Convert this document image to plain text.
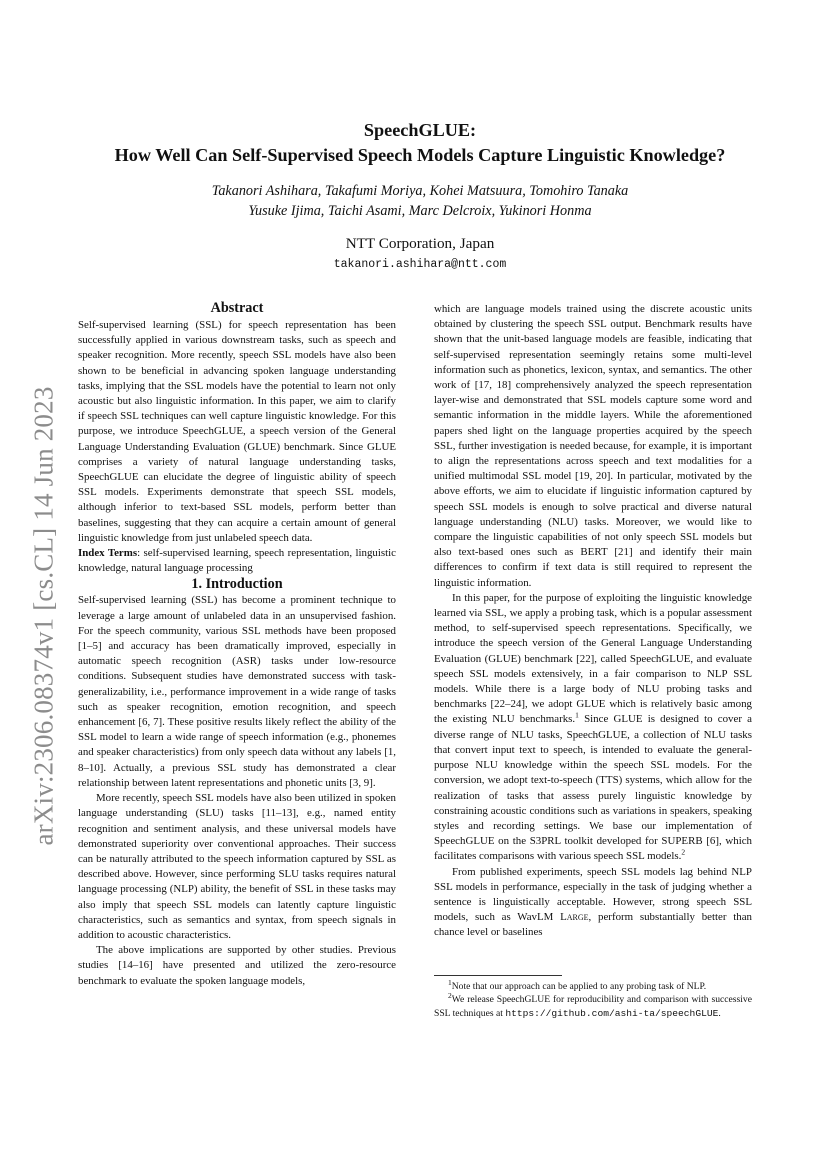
arXiv:2306.08374v1 [cs.CL] 14 Jun 2023
SpeechGLUE:
How Well Can Self-Supervised Speech Models Capture Linguistic Knowledge?
Takanori Ashihara, Takafumi Moriya, Kohei Matsuura, Tomohiro Tanaka
Yusuke Ijima, Taichi Asami, Marc Delcroix, Yukinori Honma
NTT Corporation, Japan
takanori.ashihara@ntt.com
Abstract

Self-supervised learning (SSL) for speech representation has been successfully applied in various downstream tasks, such as speech and speaker recognition. More recently, speech SSL models have also been shown to be beneficial in advancing spoken language understanding tasks, implying that the SSL models have the potential to learn not only acoustic but also linguistic information. In this paper, we aim to clarify if speech SSL techniques can well capture linguistic knowledge. For this purpose, we introduce SpeechGLUE, a speech version of the General Language Understanding Evaluation (GLUE) benchmark. Since GLUE comprises a variety of natural language understanding tasks, SpeechGLUE can elucidate the degree of linguistic ability of speech SSL models. Experiments demonstrate that speech SSL models, although inferior to text-based SSL models, perform better than baselines, suggesting that they can acquire a certain amount of general linguistic knowledge from just unlabeled speech data.

Index Terms: self-supervised learning, speech representation, linguistic knowledge, natural language processing

1. Introduction

Self-supervised learning (SSL) has become a prominent technique to leverage a large amount of unlabeled data in an unsupervised fashion. For the speech community, various SSL methods have been proposed [1–5] and accuracy has been dramatically improved, especially in automatic speech recognition (ASR) tasks under low-resource conditions. Subsequent studies have demonstrated success with task-generalizability, i.e., performance improvement in a wide range of tasks such as speaker recognition, emotion recognition, and speech enhancement [6, 7]. These positive results likely reflect the ability of the SSL model to learn a wide range of speech information (e.g., phonemes and speaker characteristics) from only speech data without any labels [1, 8–10]. Actually, a previous SSL study has demonstrated a clear relationship between latent representations and phonetic units [3, 9].

More recently, speech SSL models have also been utilized in spoken language understanding (SLU) tasks [11–13], e.g., named entity recognition and sentiment analysis, and these universal models have demonstrated superiority over conventional approaches. Their success can be naturally attributed to the speech information captured by SSL as described above. However, since performing SLU tasks requires natural language processing (NLP) ability, the benefit of SSL in these tasks may also imply that speech SSL models can latently capture linguistic characteristics, such as semantics and syntax, from speech signals in addition to acoustic characteristics.

The above implications are supported by other studies. Previous studies [14–16] have presented and utilized the zero-resource benchmark to evaluate the spoken language models,

which are language models trained using the discrete acoustic units obtained by clustering the speech SSL output. Benchmark results have shown that the unit-based language models are feasible, indicating that self-supervised representation seemingly retains some multi-level information such as phonetics, lexicon, syntax, and semantics. The other work of [17, 18] comprehensively analyzed the speech representation layer-wise and demonstrated that SSL models capture some word and semantic information in the middle layers. While the aforementioned papers shed light on the language properties acquired by the speech SSL, further investigation is needed because, for example, it is important to align the representations across speech and text modalities for a unified multimodal SSL model [19, 20]. In particular, motivated by the above efforts, we aim to elucidate if linguistic information captured by speech SSL models is enough to solve practical and diverse natural language understanding (NLU) tasks. Moreover, we would like to compare the linguistic capabilities of not only speech SSL models but also text-based ones such as BERT [21] and identify their main differences to confirm if text data is still required to represent the linguistic information.

In this paper, for the purpose of exploiting the linguistic knowledge learned via SSL, we apply a probing task, which is a popular assessment method, to self-supervised speech representations. Specifically, we introduce the speech version of the General Language Understanding Evaluation (GLUE) benchmark [22], called SpeechGLUE, and evaluate speech SSL models extensively, in a fair comparison to NLP SSL models. While there is a large body of NLU probing tasks and benchmarks [22–24], we adopt GLUE which is relatively basic among the existing NLU benchmarks.$^1$ Since GLUE is designed to cover a diverse range of NLU tasks, SpeechGLUE, a collection of NLU tasks that convert input text to speech, is intended to evaluate the general-purpose NLU knowledge within the speech SSL models. For the conversion, we adopt text-to-speech (TTS) systems, which allow for the realization of tasks that assess purely linguistic knowledge by constraining acoustic conditions such as variations in speakers, speaking styles and recording settings. We base our implementation of SpeechGLUE on the S3PRL toolkit developed for SUPERB [6], which facilitates comparisons with various speech SSL models.$^2$

From published experiments, speech SSL models lag behind NLP SSL models in performance, especially in the task of judging whether a sentence is linguistically acceptable. However, strong speech SSL models, such as WavLM Large, perform substantially better than chance level or baselines

$^1$Note that our approach can be applied to any probing task of NLP.

$^2$We release SpeechGLUE for reproducibility and comparison with successive SSL techniques at https://github.com/ashi-ta/speechGLUE.
